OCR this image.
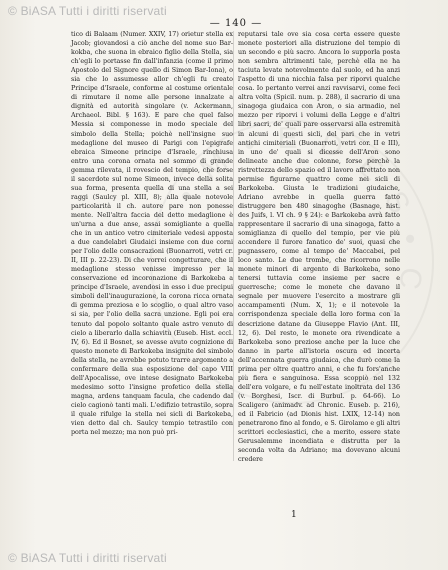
© BiASA Tutti i diritti riservati
• M • E D E S • C . . .
— 140 —

tico di Balaam (Numer. XXIV, 17) orietur stella ex Jacob; giovandosi a ciò anche del nome suo Bar-kokba, che suona in ebraico figlio della Stella, sia ch'egli lo portasse fin dall'infanzia (come il primo Apostolo del Signore quello di Simon Bar-Iona), o sia che lo assumesse allor ch'egli fu creato Principe d'Israele, conforme al costume orientale di rimutare il nome alle persone innalzate a dignità ed autorità singolare (v. Ackermann, Archaeol. Bibl. § 163). E pare che quel falso Messia si componesse in modo speciale del simbolo della Stella; poichè nell'insigne suo medaglione del museo di Parigi con l'epigrafe ebraica Simeone principe d'Israele, rinchiusa entro una corona ornata nel sommo di grande gemma rilevata, il rovescio del tempio, che forse il sacerdote sul nome Simeon, invece della solita sua forma, presenta quella di una stella a sei raggi (Saulcy pl. XIII, 8); alla quale notevole particolarità il ch. autore pare non ponesse mente. Nell'altra faccia del detto medaglione è un'urna a due anse, assai somigliante a quella che in un antico vetro cimiteriale vedesi apposta a due candelabri Giudaici insieme con due corni per l'olio delle consacrazioni (Buonarroti, vetri cr. II, III p. 22-23). Di che vorrei congetturare, che il medaglione stesso venisse impresso per la conservazione ed incoronazione di Barkokeba a principe d'Israele, avendosi in esso i due precipui simboli dell'inaugurazione, la corona ricca ornata di gemma preziosa e lo scoglio, o qual altro vaso si sia, per l'olio della sacra unzione. Egli poi era tenuto dal popolo soltanto quale astro venuto di cielo a liberarlo dalla schiavitù (Euseb. Hist. eccl. IV, 6). Ed il Bosnet, se avesse avuto cognizione di questo monete di Barkokeba insignite del simbolo della stella, ne avrebbe potuto trarre argomento a confermare della sua esposizione del capo VIII dell'Apocalisse, ove intese designato Barkokeba medesimo sotto l'insigne profetico della stella magna, ardens tanquam facula, che cadendo dal cielo cagionò tanti mali. L'edifizio tetrastilo, sopra il quale rifulge la stella nei sicli di Barkokeba, vien detto dal ch. Saulcy tempio tetrastilo con porta nel mezzo; ma non può pri-

reputarsi tale ove sia cosa certa essere queste monete posteriori alla distruzione del tempio di un secondo e più sacro. Ancora lo supporla posta non sembra altrimenti tale, perchè ella ne ha taciuta levate notevolmente dal suolo, ed ha anzi l'aspetto di una nicchia falsa per riporvi qualche cosa. Io pertanto verrei anzi ravvisarvi, come feci altra volta (Spicil. num. p. 288), il sacrario di una sinagoga giudaica con Aron, o sia armadio, nel mezzo per riporvi i volumi della Legge e d'altri libri sacri, de' quali pare osservarsi alla estremità in alcuni di questi sicli, del pari che in vetri antichi cimiteriali (Buonarroti, vetri cor. II e III), in uno de' quali si dicesse dell'Aron sono delineate anche due colonne, forse perchè la ristrettezza dello spazio ed il lavoro affrettato non permise figurarne quattro come nei sicli di Barkokeba. Giusta le tradizioni giudaiche, Adriano avrebbe in quella guerra fatto distruggere ben 480 sinagoghe (Basnage, hist. des Juifs, l. VI ch. 9 § 24): e Barkokeba avrà fatto rappresentare il sacrario di una sinagoga, fatto a somiglianza di quello del tempio, per vie più accendere il furore fanatico de' suoi, quasi che pugnassero, come al tempo de' Maccabei, pel loco santo. Le due trombe, che ricorrono nelle monete minori di argento di Barkokeba, sono tenersi tuttavia come insieme per sacre e guerresche; come le monete che davano il segnale per muovere l'esercito a mostrare gli accampamenti (Num. X, 1); e il notevole la corrispondenza speciale della loro forma con la descrizione datane da Giuseppe Flavio (Ant. III, 12, 6). Del resto, le monete ora rivendicate a Barkokeba sono preziose anche per la luce che danno in parte all'istoria oscura ed incerta dell'accennata guerra giudaica, che durò come la prima per oltre quattro anni, e che fu fors'anche più fiera e sanguinosa. Essa scoppiò nel 132 dell'era volgare, e fu nell'estate inoltrata del 136 (v. Borghesi, Iscr. di Burbul. p. 64-66). Lo Scaligero (animadv. ad Chronic. Euseb. p. 216), ed il Fabricio (ad Dionis hist. LXIX, 12-14) non penetrarono fino al fondo, e S. Girolamo e gli altri scrittori ecclesiastici, che a merito, essere state Gerusalemme incendiata e distrutta per la seconda volta da Adriano; ma dovevano alcuni credere

1
© BiASA Tutti i diritti riservati
